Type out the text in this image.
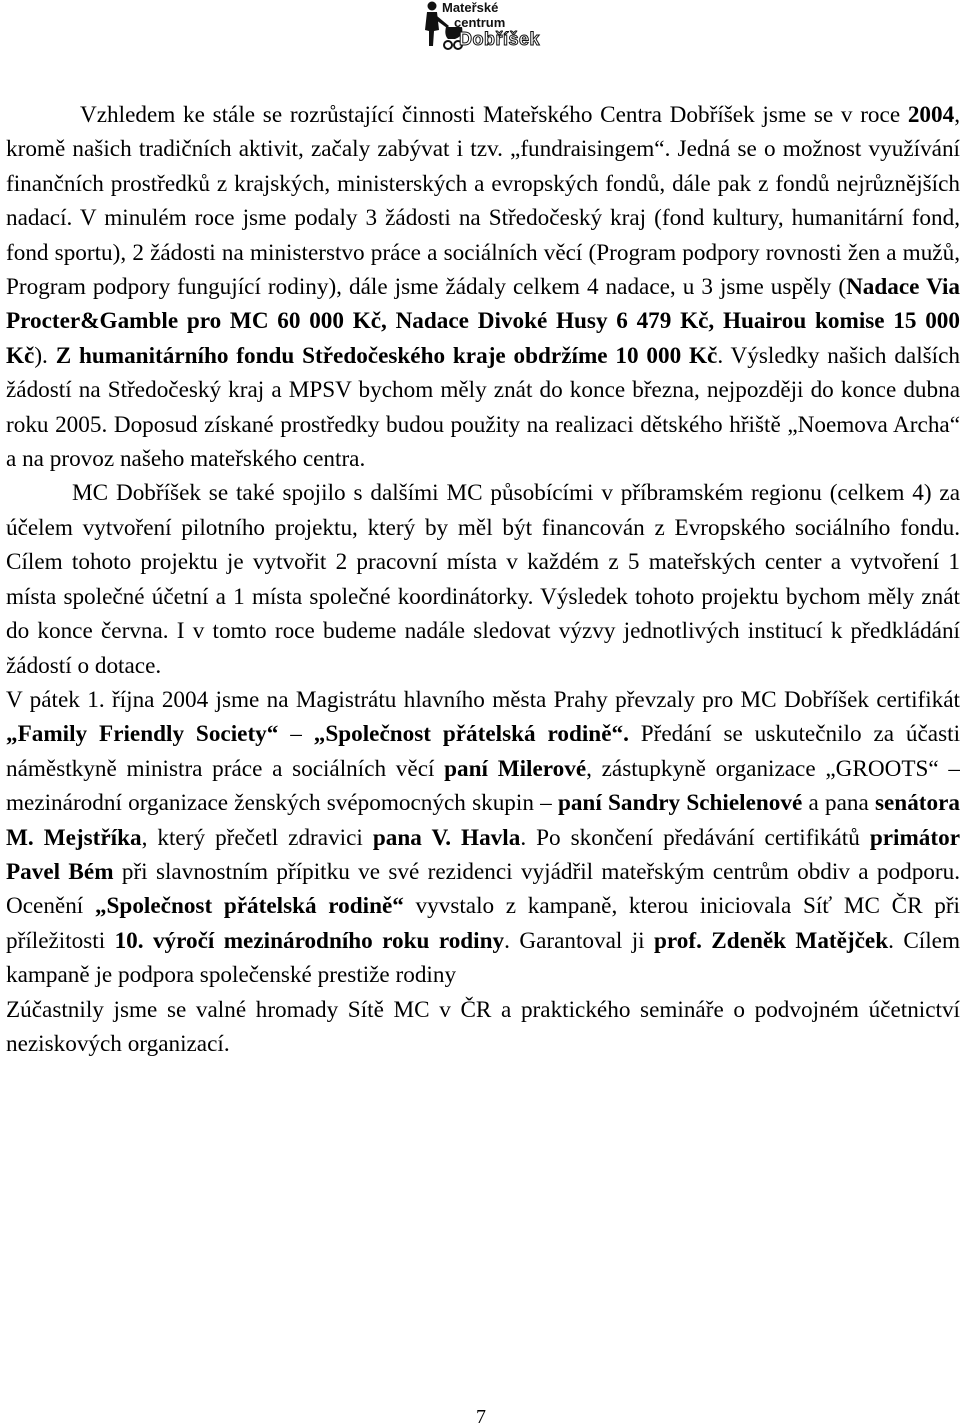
Mateřské
centrum
Dobříšek

Vzhledem ke stále se rozrůstající činnosti Mateřského Centra Dobříšek jsme se v roce 2004, kromě našich tradičních aktivit, začaly zabývat i tzv. „fundraisingem“. Jedná se o možnost využívání finančních prostředků z krajských, ministerských a evropských fondů, dále pak z fondů nejrůznějších nadací. V minulém roce jsme podaly 3 žádosti na Středočeský kraj (fond kultury, humanitární fond, fond sportu), 2 žádosti na ministerstvo práce a sociálních věcí (Program podpory rovnosti žen a mužů, Program podpory fungující rodiny), dále jsme žádaly celkem 4 nadace, u 3 jsme uspěly (Nadace Via Procter&Gamble pro MC 60 000 Kč, Nadace Divoké Husy 6 479 Kč, Huairou komise 15 000 Kč). Z humanitárního fondu Středočeského kraje obdržíme 10 000 Kč. Výsledky našich dalších žádostí na Středočeský kraj a MPSV bychom měly znát do konce března, nejpozději do konce dubna roku 2005. Doposud získané prostředky budou použity na realizaci dětského hřiště „Noemova Archa“ a na provoz našeho mateřského centra.

MC Dobříšek se také spojilo s dalšími MC působícími v příbramském regionu (celkem 4) za účelem vytvoření pilotního projektu, který by měl být financován z Evropského sociálního fondu. Cílem tohoto projektu je vytvořit 2 pracovní místa v každém z 5 mateřských center a vytvoření 1 místa společné účetní a 1 místa společné koordinátorky. Výsledek tohoto projektu bychom měly znát do konce června. I v tomto roce budeme nadále sledovat výzvy jednotlivých institucí k předkládání žádostí o dotace.

V pátek 1. října 2004 jsme na Magistrátu hlavního města Prahy převzaly pro MC Dobříšek certifikát „Family Friendly Society“ – „Společnost přátelská rodině“. Předání se uskutečnilo za účasti náměstkyně ministra práce a sociálních věcí paní Milerové, zástupkyně organizace „GROOTS“ – mezinárodní organizace ženských svépomocných skupin – paní Sandry Schielenové a pana senátora M. Mejstříka, který přečetl zdravici pana V. Havla. Po skončení předávání certifikátů primátor Pavel Bém při slavnostním přípitku ve své rezidenci vyjádřil mateřským centrům obdiv a podporu. Ocenění „Společnost přátelská rodině“ vyvstalo z kampaně, kterou iniciovala Síť MC ČR při příležitosti 10. výročí mezinárodního roku rodiny. Garantoval ji prof. Zdeněk Matějček. Cílem kampaně je podpora společenské prestiže rodiny

Zúčastnily jsme se valné hromady Sítě MC v ČR a praktického semináře o podvojném účetnictví neziskových organizací.

7
